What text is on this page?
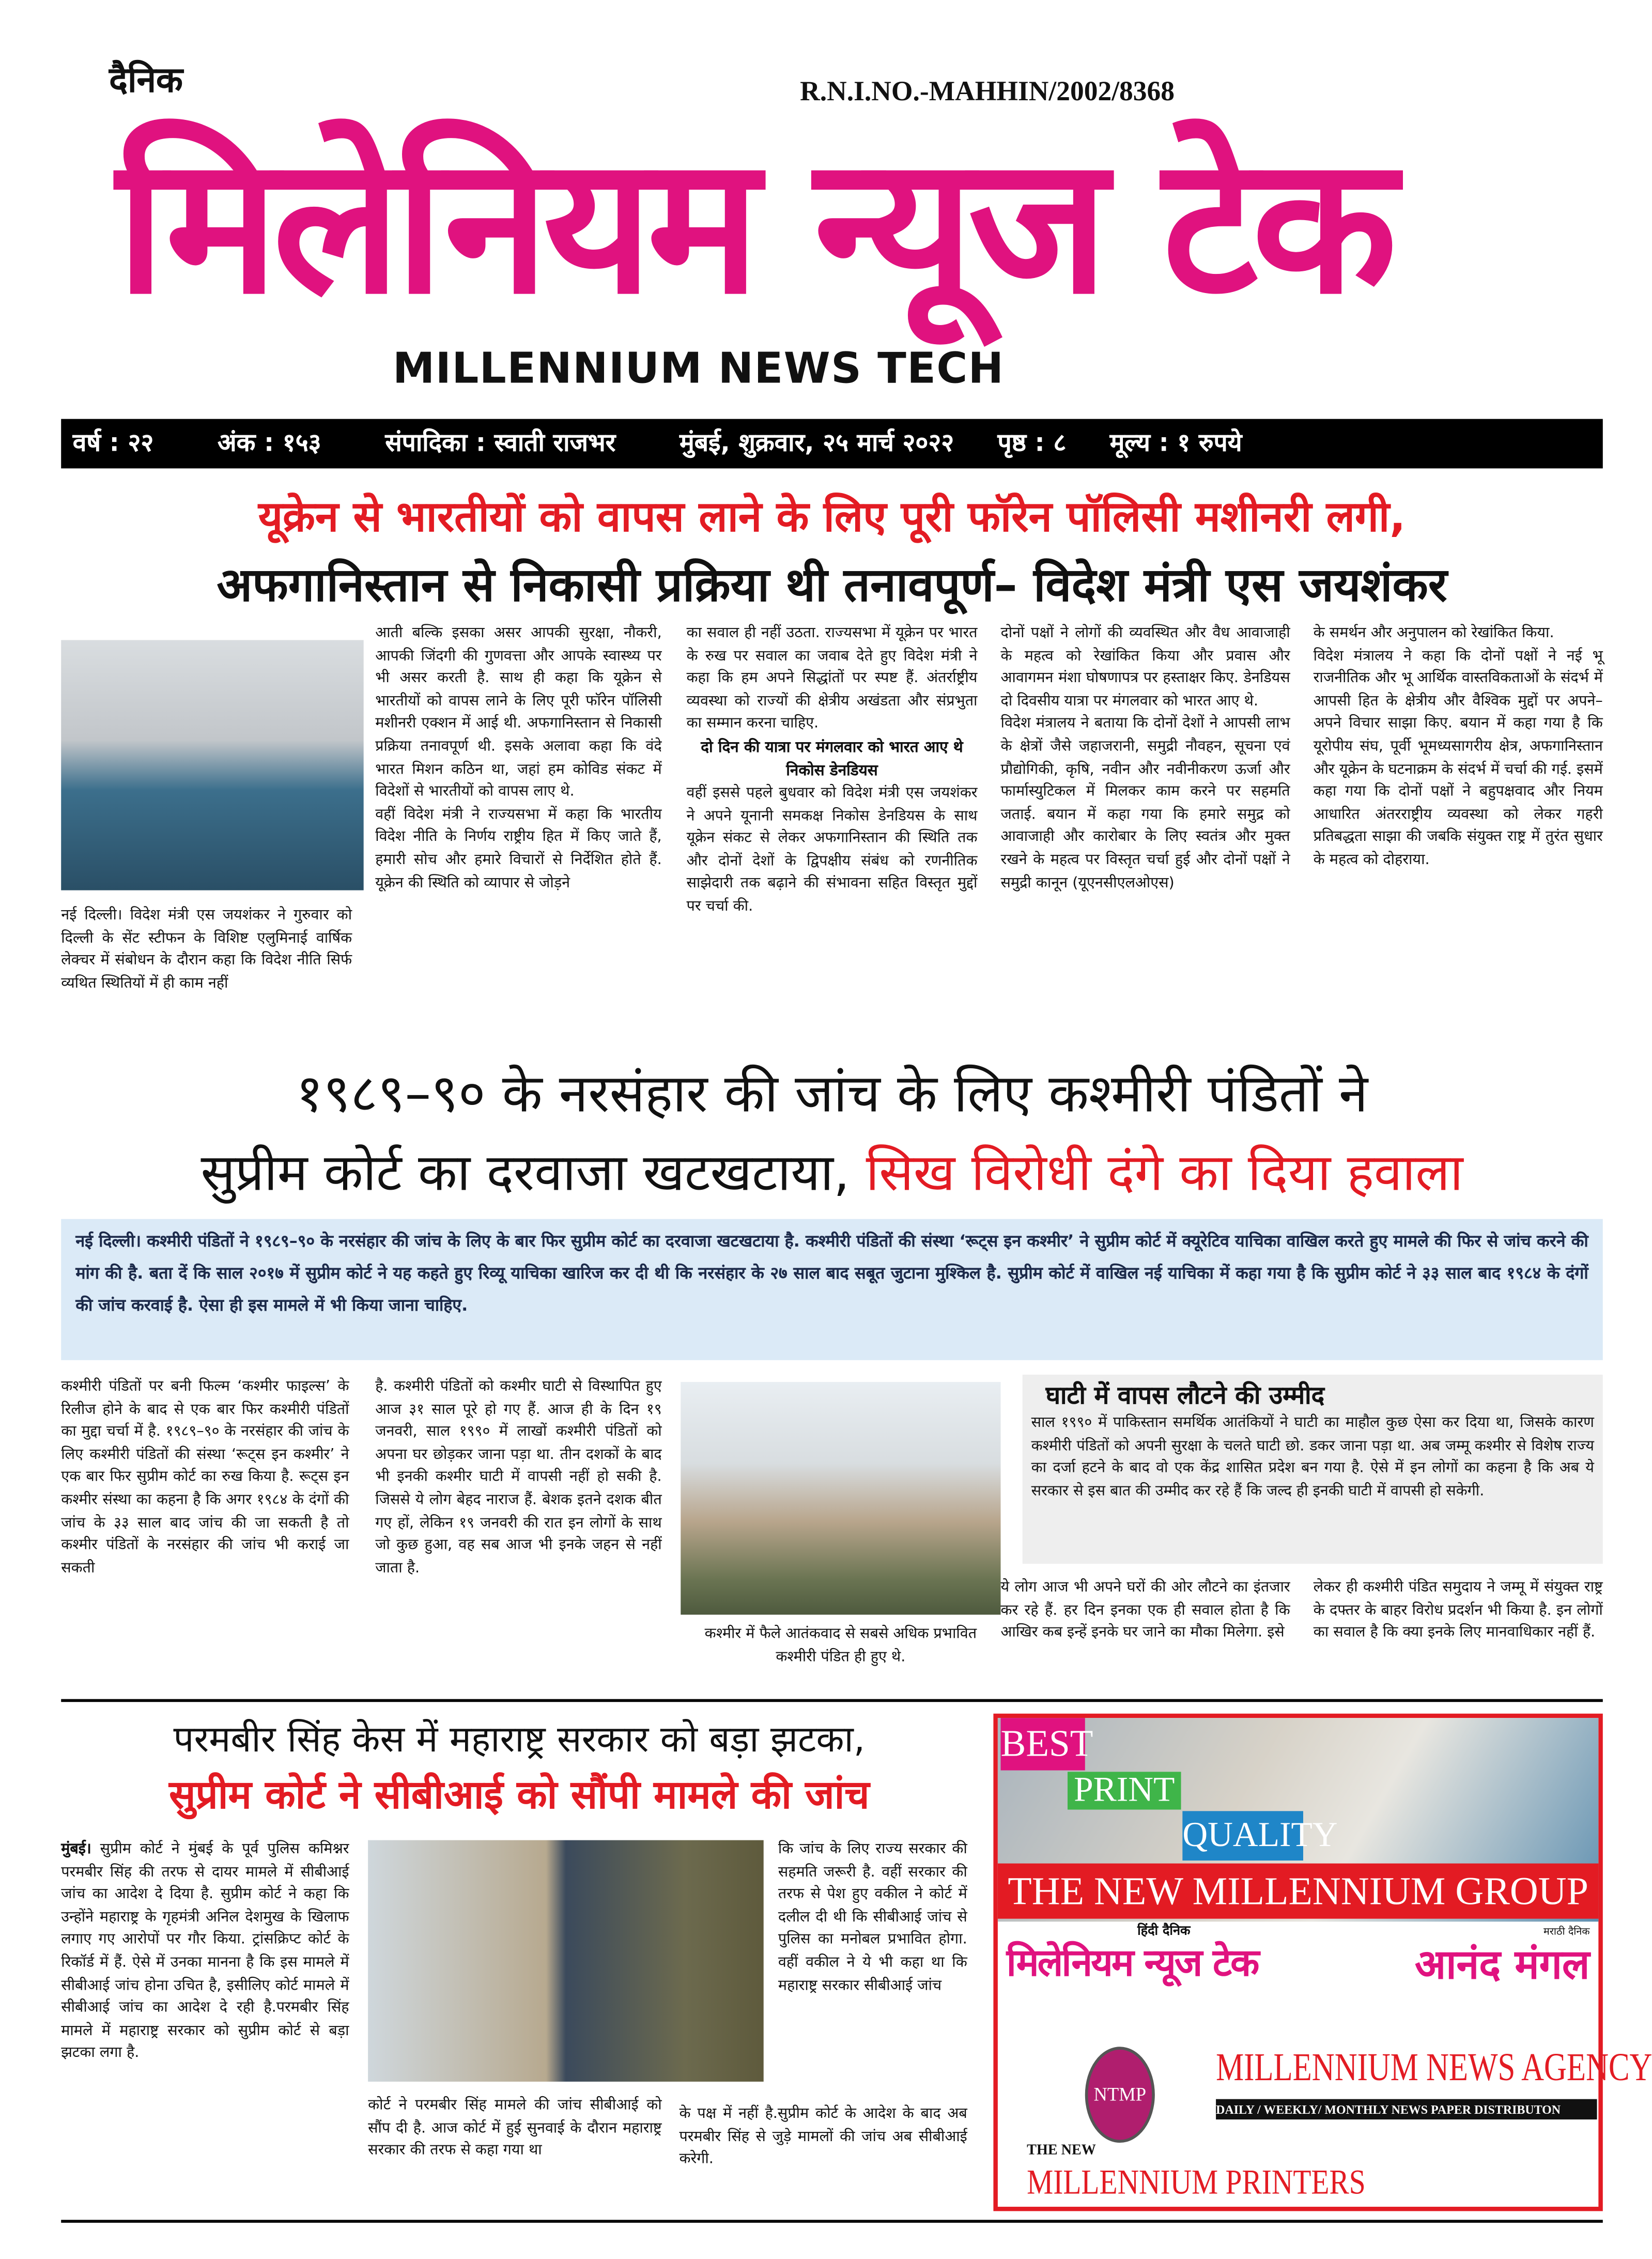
दैनिक	R.N.I.NO.-MAHHIN/2002/8368
मिलेनियम न्यूज टेक
MILLENNIUM NEWS TECH
वर्ष : २२	अंक : १५३	संपादिका : स्वाती राजभर	मुंबई, शुक्रवार, २५ मार्च २०२२	पृष्ठ : ८	मूल्य : १ रुपये
यूक्रेन से भारतीयों को वापस लाने के लिए पूरी फॉरेन पॉलिसी मशीनरी लगी,
अफगानिस्तान से निकासी प्रक्रिया थी तनावपूर्ण– विदेश मंत्री एस जयशंकर
नई दिल्ली। विदेश मंत्री एस जयशंकर ने गुरुवार को दिल्ली के सेंट स्टीफन के विशिष्ट एलुमिनाई वार्षिक लेक्चर में संबोधन के दौरान कहा कि विदेश नीति सिर्फ व्यथित स्थितियों में ही काम नहीं
आती बल्कि इसका असर आपकी सुरक्षा, नौकरी, आपकी जिंदगी की गुणवत्ता और आपके स्वास्थ्य पर भी असर करती है. साथ ही कहा कि यूक्रेन से भारतीयों को वापस लाने के लिए पूरी फॉरेन पॉलिसी मशीनरी एक्शन में आई थी. अफगानिस्तान से निकासी प्रक्रिया तनावपूर्ण थी. इसके अलावा कहा कि वंदे भारत मिशन कठिन था, जहां हम कोविड संकट में विदेशों से भारतीयों को वापस लाए थे.
वहीं विदेश मंत्री ने राज्यसभा में कहा कि भारतीय विदेश नीति के निर्णय राष्ट्रीय हित में किए जाते हैं, हमारी सोच और हमारे विचारों से निर्देशित होते हैं. यूक्रेन की स्थिति को व्यापार से जोड़ने
का सवाल ही नहीं उठता. राज्यसभा में यूक्रेन पर भारत के रुख पर सवाल का जवाब देते हुए विदेश मंत्री ने कहा कि हम अपने सिद्धांतों पर स्पष्ट हैं. अंतर्राष्ट्रीय व्यवस्था को राज्यों की क्षेत्रीय अखंडता और संप्रभुता का सम्मान करना चाहिए.
दो दिन की यात्रा पर मंगलवार को भारत आए थे निकोस डेनडियस
वहीं इससे पहले बुधवार को विदेश मंत्री एस जयशंकर ने अपने यूनानी समकक्ष निकोस डेनडियस के साथ यूक्रेन संकट से लेकर अफगानिस्तान की स्थिति तक और दोनों देशों के द्विपक्षीय संबंध को रणनीतिक साझेदारी तक बढ़ाने की संभावना सहित विस्तृत मुद्दों पर चर्चा की.
दोनों पक्षों ने लोगों की व्यवस्थित और वैध आवाजाही के महत्व को रेखांकित किया और प्रवास और आवागमन मंशा घोषणापत्र पर हस्ताक्षर किए. डेनडियस दो दिवसीय यात्रा पर मंगलवार को भारत आए थे.
विदेश मंत्रालय ने बताया कि दोनों देशों ने आपसी लाभ के क्षेत्रों जैसे जहाजरानी, समुद्री नौवहन, सूचना एवं प्रौद्योगिकी, कृषि, नवीन और नवीनीकरण ऊर्जा और फार्मास्युटिकल में मिलकर काम करने पर सहमति जताई. बयान में कहा गया कि हमारे समुद्र को आवाजाही और कारोबार के लिए स्वतंत्र और मुक्त रखने के महत्व पर विस्तृत चर्चा हुई और दोनों पक्षों ने समुद्री कानून (यूएनसीएलओएस)
के समर्थन और अनुपालन को रेखांकित किया.
विदेश मंत्रालय ने कहा कि दोनों पक्षों ने नई भू राजनीतिक और भू आर्थिक वास्तविकताओं के संदर्भ में आपसी हित के क्षेत्रीय और वैश्विक मुद्दों पर अपने–अपने विचार साझा किए. बयान में कहा गया है कि यूरोपीय संघ, पूर्वी भूमध्यसागरीय क्षेत्र, अफगानिस्तान और यूक्रेन के घटनाक्रम के संदर्भ में चर्चा की गई. इसमें कहा गया कि दोनों पक्षों ने बहुपक्षवाद और नियम आधारित अंतरराष्ट्रीय व्यवस्था को लेकर गहरी प्रतिबद्धता साझा की जबकि संयुक्त राष्ट्र में तुरंत सुधार के महत्व को दोहराया.
१९८९–९० के नरसंहार की जांच के लिए कश्मीरी पंडितों ने
सुप्रीम कोर्ट का दरवाजा खटखटाया, सिख विरोधी दंगे का दिया हवाला
नई दिल्ली। कश्मीरी पंडितों ने १९८९–९० के नरसंहार की जांच के लिए के बार फिर सुप्रीम कोर्ट का दरवाजा खटखटाया है. कश्मीरी पंडितों की संस्था ‘रूट्स इन कश्मीर’ ने सुप्रीम कोर्ट में क्यूरेटिव याचिका वाखिल करते हुए मामले की फिर से जांच करने की मांग की है. बता दें कि साल २०१७ में सुप्रीम कोर्ट ने यह कहते हुए रिव्यू याचिका खारिज कर दी थी कि नरसंहार के २७ साल बाद सबूत जुटाना मुश्किल है. सुप्रीम कोर्ट में वाखिल नई याचिका में कहा गया है कि सुप्रीम कोर्ट ने ३३ साल बाद १९८४ के दंगों की जांच करवाई है. ऐसा ही इस मामले में भी किया जाना चाहिए.
कश्मीरी पंडितों पर बनी फिल्म ‘कश्मीर फाइल्स’ के रिलीज होने के बाद से एक बार फिर कश्मीरी पंडितों का मुद्दा चर्चा में है. १९८९–९० के नरसंहार की जांच के लिए कश्मीरी पंडितों की संस्था ‘रूट्स इन कश्मीर’ ने एक बार फिर सुप्रीम कोर्ट का रुख किया है. रूट्स इन कश्मीर संस्था का कहना है कि अगर १९८४ के दंगों की जांच के ३३ साल बाद जांच की जा सकती है तो कश्मीर पंडितों के नरसंहार की जांच भी कराई जा सकती
है. कश्मीरी पंडितों को कश्मीर घाटी से विस्थापित हुए आज ३१ साल पूरे हो गए हैं. आज ही के दिन १९ जनवरी, साल १९९० में लाखों कश्मीरी पंडितों को अपना घर छोड़कर जाना पड़ा था. तीन दशकों के बाद भी इनकी कश्मीर घाटी में वापसी नहीं हो सकी है. जिससे ये लोग बेहद नाराज हैं. बेशक इतने दशक बीत गए हों, लेकिन १९ जनवरी की रात इन लोगों के साथ जो कुछ हुआ, वह सब आज भी इनके जहन से नहीं जाता है.
कश्मीर में फैले आतंकवाद से सबसे अधिक प्रभावित कश्मीरी पंडित ही हुए थे.
घाटी में वापस लौटने की उम्मीद
साल १९९० में पाकिस्तान समर्थिक आतंकियों ने घाटी का माहौल कुछ ऐसा कर दिया था, जिसके कारण कश्मीरी पंडितों को अपनी सुरक्षा के चलते घाटी छो. डकर जाना पड़ा था. अब जम्मू कश्मीर से विशेष राज्य का दर्जा हटने के बाद वो एक केंद्र शासित प्रदेश बन गया है. ऐसे में इन लोगों का कहना है कि अब ये सरकार से इस बात की उम्मीद कर रहे हैं कि जल्द ही इनकी घाटी में वापसी हो सकेगी.
ये लोग आज भी अपने घरों की ओर लौटने का इंतजार कर रहे हैं. हर दिन इनका एक ही सवाल होता है कि आखिर कब इन्हें इनके घर जाने का मौका मिलेगा. इसे
लेकर ही कश्मीरी पंडित समुदाय ने जम्मू में संयुक्त राष्ट्र के दफ्तर के बाहर विरोध प्रदर्शन भी किया है. इन लोगों का सवाल है कि क्या इनके लिए मानवाधिकार नहीं हैं.
परमबीर सिंह केस में महाराष्ट्र सरकार को बड़ा झटका,
सुप्रीम कोर्ट ने सीबीआई को सौंपी मामले की जांच
मुंबई। सुप्रीम कोर्ट ने मुंबई के पूर्व पुलिस कमिश्नर परमबीर सिंह की तरफ से दायर मामले में सीबीआई जांच का आदेश दे दिया है. सुप्रीम कोर्ट ने कहा कि उन्होंने महाराष्ट्र के गृहमंत्री अनिल देशमुख के खिलाफ लगाए गए आरोपों पर गौर किया. ट्रांसक्रिप्ट कोर्ट के रिकॉर्ड में हैं. ऐसे में उनका मानना है कि इस मामले में सीबीआई जांच होना उचित है, इसीलिए कोर्ट मामले में सीबीआई जांच का आदेश दे रही है.परमबीर सिंह मामले में महाराष्ट्र सरकार को सुप्रीम कोर्ट से बड़ा झटका लगा है.
कोर्ट ने परमबीर सिंह मामले की जांच सीबीआई को सौंप दी है. आज कोर्ट में हुई सुनवाई के दौरान महाराष्ट्र सरकार की तरफ से कहा गया था
कि जांच के लिए राज्य सरकार की सहमति जरूरी है. वहीं सरकार की तरफ से पेश हुए वकील ने कोर्ट में दलील दी थी कि सीबीआई जांच से पुलिस का मनोबल प्रभावित होगा. वहीं वकील ने ये भी कहा था कि महाराष्ट्र सरकार सीबीआई जांच
के पक्ष में नहीं है.सुप्रीम कोर्ट के आदेश के बाद अब परमबीर सिंह से जुड़े मामलों की जांच अब सीबीआई करेगी.
BEST
PRINT
QUALITY
THE NEW MILLENNIUM GROUP
हिंदी दैनिक
मिलेनियम न्यूज टेक
मराठी दैनिक
आनंद मंगल
NTMP
MILLENNIUM NEWS AGENCY
DAILY / WEEKLY/ MONTHLY NEWS PAPER DISTRIBUTON
THE NEW
MILLENNIUM PRINTERS
